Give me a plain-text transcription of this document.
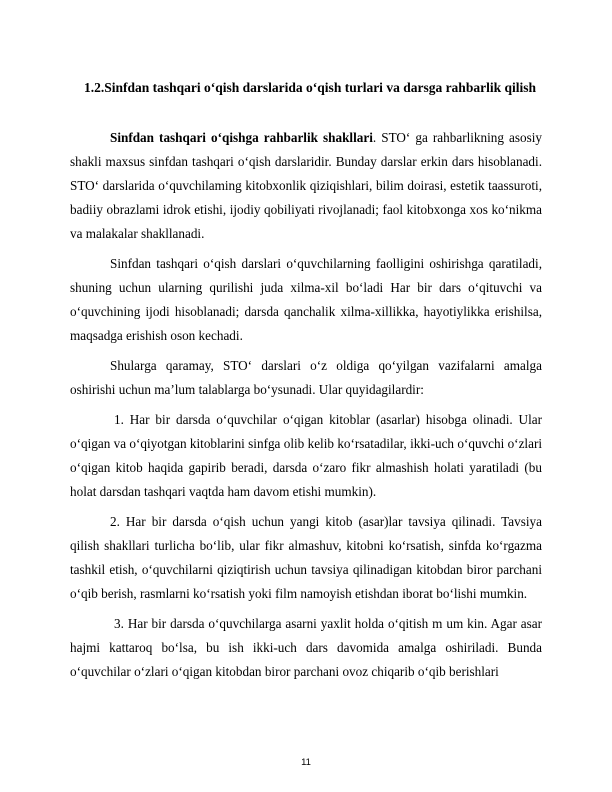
1.2.Sinfdan tashqari o‘qish darslarida o‘qish turlari va darsga rahbarlik qilish

Sinfdan tashqari o‘qishga rahbarlik shakllari. STO‘ ga rahbarlikning asosiy shakli maxsus sinfdan tashqari o‘qish darslaridir. Bunday darslar erkin dars hisoblanadi. STO‘ darslarida o‘quvchilaming kitobxonlik qiziqishlari, bilim doirasi, estetik taassuroti, badiiy obrazlami idrok etishi, ijodiy qobiliyati rivojlanadi; faol kitobxonga xos ko‘nikma va malakalar shakllanadi.

Sinfdan tashqari o‘qish darslari o‘quvchilarning faolligini oshirishga qaratiladi, shuning uchun ularning qurilishi juda xilma-xil bo‘ladi Har bir dars o‘qituvchi va o‘quvchining ijodi hisoblanadi; darsda qanchalik xilma-xillikka, hayotiylikka erishilsa, maqsadga erishish oson kechadi.

Shularga qaramay, STO‘ darslari o‘z oldiga qo‘yilgan vazifalarni amalga oshirishi uchun ma’lum talablarga bo‘ysunadi. Ular quyidagilardir:

1. Har bir darsda o‘quvchilar o‘qigan kitoblar (asarlar) hisobga olinadi. Ular o‘qigan va o‘qiyotgan kitoblarini sinfga olib kelib ko‘rsatadilar, ikki-uch o‘quvchi o‘zlari o‘qigan kitob haqida gapirib beradi, darsda o‘zaro fikr almashish holati yaratiladi (bu holat darsdan tashqari vaqtda ham davom etishi mumkin).

2. Har bir darsda o‘qish uchun yangi kitob (asar)lar tavsiya qilinadi. Tavsiya qilish shakllari turlicha bo‘lib, ular fikr almashuv, kitobni ko‘rsatish, sinfda ko‘rgazma tashkil etish, o‘quvchilarni qiziqtirish uchun tavsiya qilinadigan kitobdan biror parchani o‘qib berish, rasmlarni ko‘rsatish yoki film namoyish etishdan iborat bo‘lishi mumkin.

3. Har bir darsda o‘quvchilarga asarni yaxlit holda o‘qitish m um kin. Agar asar hajmi kattaroq bo‘lsa, bu ish ikki-uch dars davomida amalga oshiriladi. Bunda o‘quvchilar o‘zlari o‘qigan kitobdan biror parchani ovoz chiqarib o‘qib berishlari

11
